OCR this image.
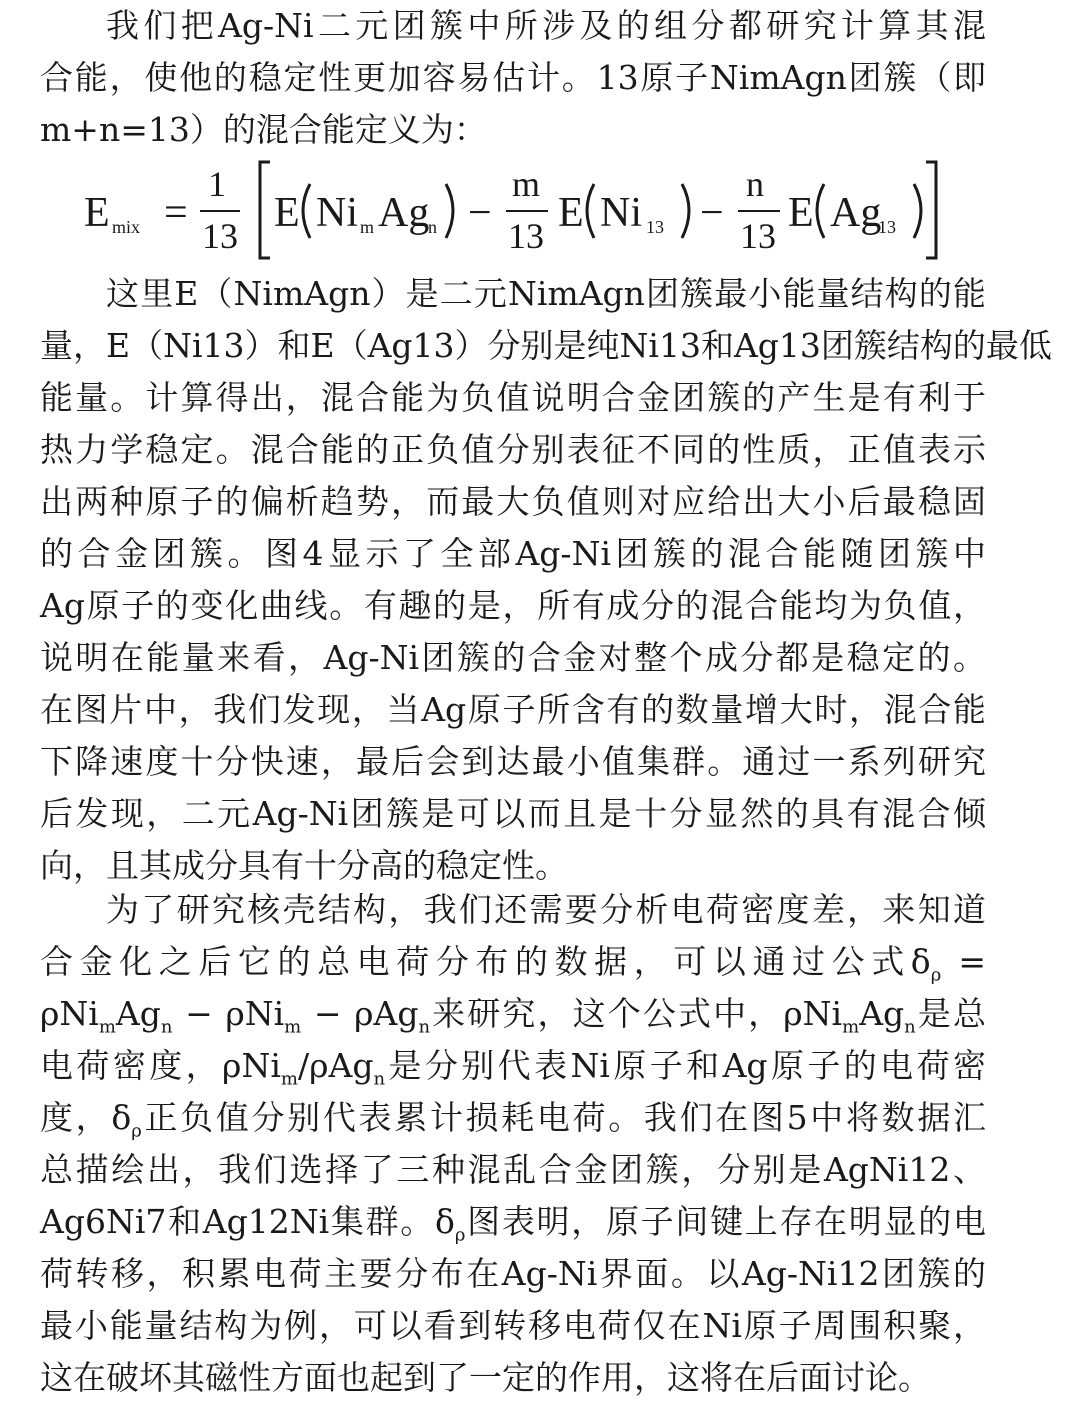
我们把Ag-Ni二元团簇中所涉及的组分都研究计算其混
合能，使他的稳定性更加容易估计。13原子NimAgn团簇（即
m+n=13）的混合能定义为：
E mix =
1
13 E Ni m Ag
n −
m
13 E Ni 13 −
n
13 E Ag
13
这里E（NimAgn）是二元NimAgn团簇最小能量结构的能
量，E（Ni13）和E（Ag13）分别是纯Ni13和Ag13团簇结构的最低
能量。计算得出，混合能为负值说明合金团簇的产生是有利于
热力学稳定。混合能的正负值分别表征不同的性质，正值表示
出两种原子的偏析趋势，而最大负值则对应给出大小后最稳固
的合金团簇。图4显示了全部Ag-Ni团簇的混合能随团簇中
Ag原子的变化曲线。有趣的是，所有成分的混合能均为负值，
说明在能量来看，Ag-Ni团簇的合金对整个成分都是稳定的。
在图片中，我们发现，当Ag原子所含有的数量增大时，混合能
下降速度十分快速，最后会到达最小值集群。通过一系列研究
后发现，二元Ag-Ni团簇是可以而且是十分显然的具有混合倾
向，且其成分具有十分高的稳定性。
为了研究核壳结构，我们还需要分析电荷密度差，来知道
合金化之后它的总电荷分布的数据，可以通过公式$\delta_\rho$ =
$\rho Ni_mAg_n - \rho Ni_m - \rho Ag_n$来研究，这个公式中，$\rho Ni_mAg_n$是总
电荷密度，ρNi$_m$/ρAg$_n$是分别代表Ni原子和Ag原子的电荷密
度，$\delta_\rho$正负值分别代表累计损耗电荷。我们在图5中将数据汇
总描绘出，我们选择了三种混乱合金团簇，分别是AgNi12、
Ag6Ni7和Ag12Ni集群。$\delta_\rho$图表明，原子间键上存在明显的电
荷转移，积累电荷主要分布在Ag-Ni界面。以Ag-Ni12团簇的
最小能量结构为例，可以看到转移电荷仅在Ni原子周围积聚，
这在破坏其磁性方面也起到了一定的作用，这将在后面讨论。
